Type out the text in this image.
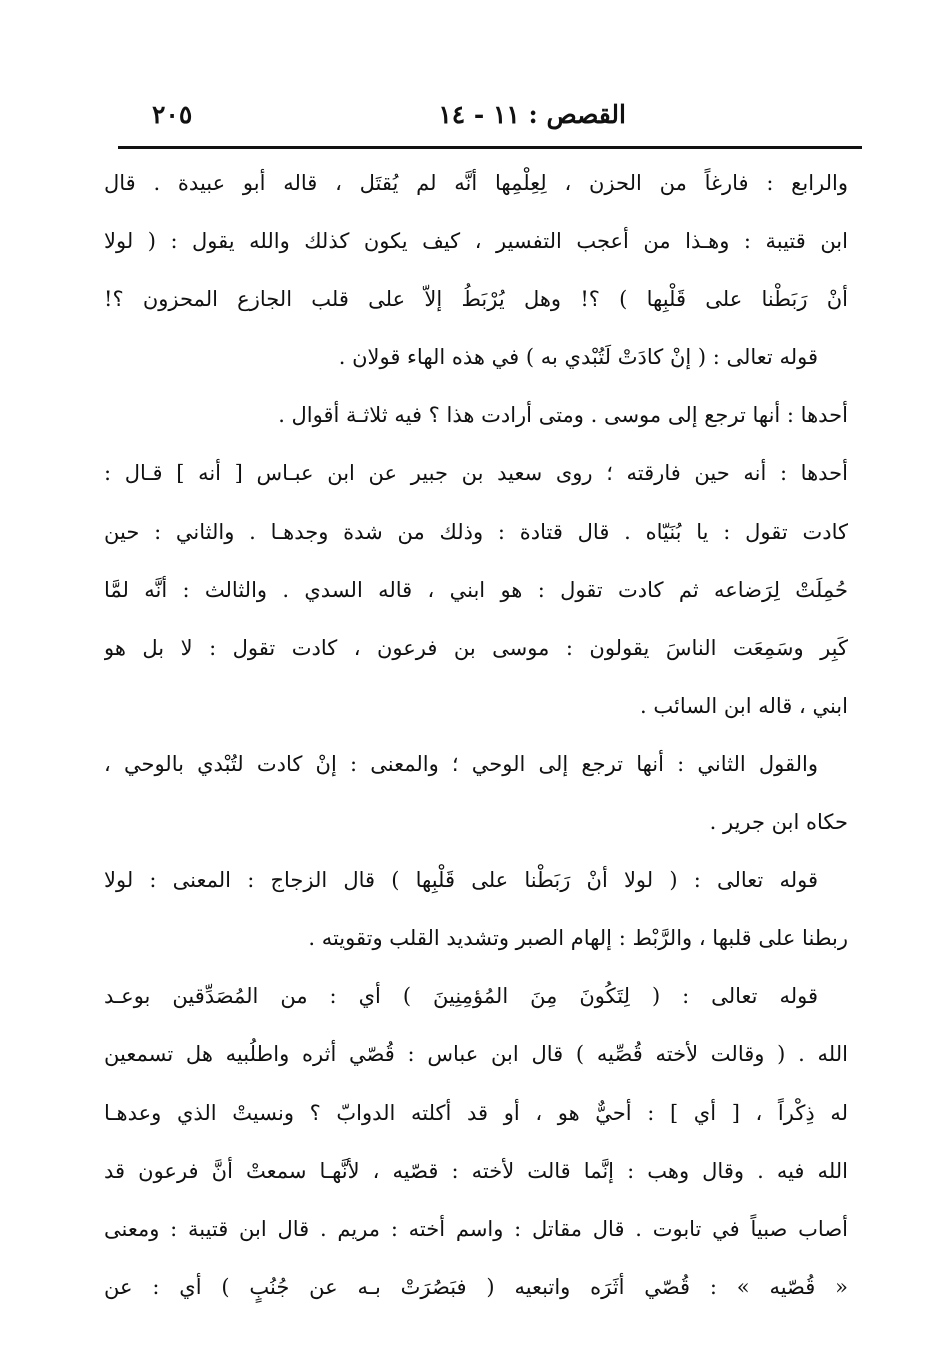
القصص : ١١ - ١٤
٢٠٥
والرابع : فارغاً من الحزن ، لِعِلْمِها أنَّه لم يُقتَل ، قاله أبو عبيدة . قال
ابن قتيبة : وهـذا من أعجب التفسير ، كيف يكون كذلك والله يقول : ( لولا
أنْ رَبَطْنا على قَلْبِها ) ؟! وهل يُرْبَطُ إلاّ على قلب الجازع المحزون ؟!
قوله تعالى : ( إنْ كادَتْ لَتُبْدي به ) في هذه الهاء قولان .
أحدها : أنها ترجع إلى موسى . ومتى أرادت هذا ؟ فيه ثلاثـة أقوال .
أحدها : أنه حين فارقته ؛ روى سعيد بن جبير عن ابن عبـاس [ أنه ] قـال :
كادت تقول : يا بُنَيّاه . قال قتادة : وذلك من شدة وجدهـا . والثاني : حين
حُمِلَتْ لِرَضاعه ثم كادت تقول : هو ابني ، قاله السدي . والثالث : أنَّه لمَّا
كَبِر وسَمِعَت الناسَ يقولون : موسى بن فرعون ، كادت تقول : لا بل هو
ابني ، قاله ابن السائب .
والقول الثاني : أنها ترجع إلى الوحي ؛ والمعنى : إنْ كادت لتُبْدي بالوحي ،
حكاه ابن جرير .
قوله تعالى : ( لولا أنْ رَبَطْنا على قَلْبِها ) قال الزجاج : المعنى : لولا
ربطنا على قلبها ، والرَّبْط : إلهام الصبر وتشديد القلب وتقويته .
قوله تعالى : ( لِتَكُونَ مِنَ المُؤمِنِينَ ) أي : من المُصَدِّقين بوعـد
الله . ( وقالت لأخته قُصِّيه ) قال ابن عباس : قُصّي أثره واطلُبيه هل تسمعين
له ذِكْراً ، [ أي ] : أحيٌّ هو ، أو قد أكلته الدوابّ ؟ ونسيتْ الذي وعدهـا
الله فيه . وقال وهب : إنَّما قالت لأخته : قصّيه ، لأنَّهـا سمعتْ أنَّ فرعون قد
أصاب صبياً في تابوت . قال مقاتل : واسم أخته : مريم . قال ابن قتيبة : ومعنى
« قُصّيه » : قُصّي أثَرَه واتبعيه ( فبَصُرَتْ بـه عن جُنُبٍ ) أي : عن
